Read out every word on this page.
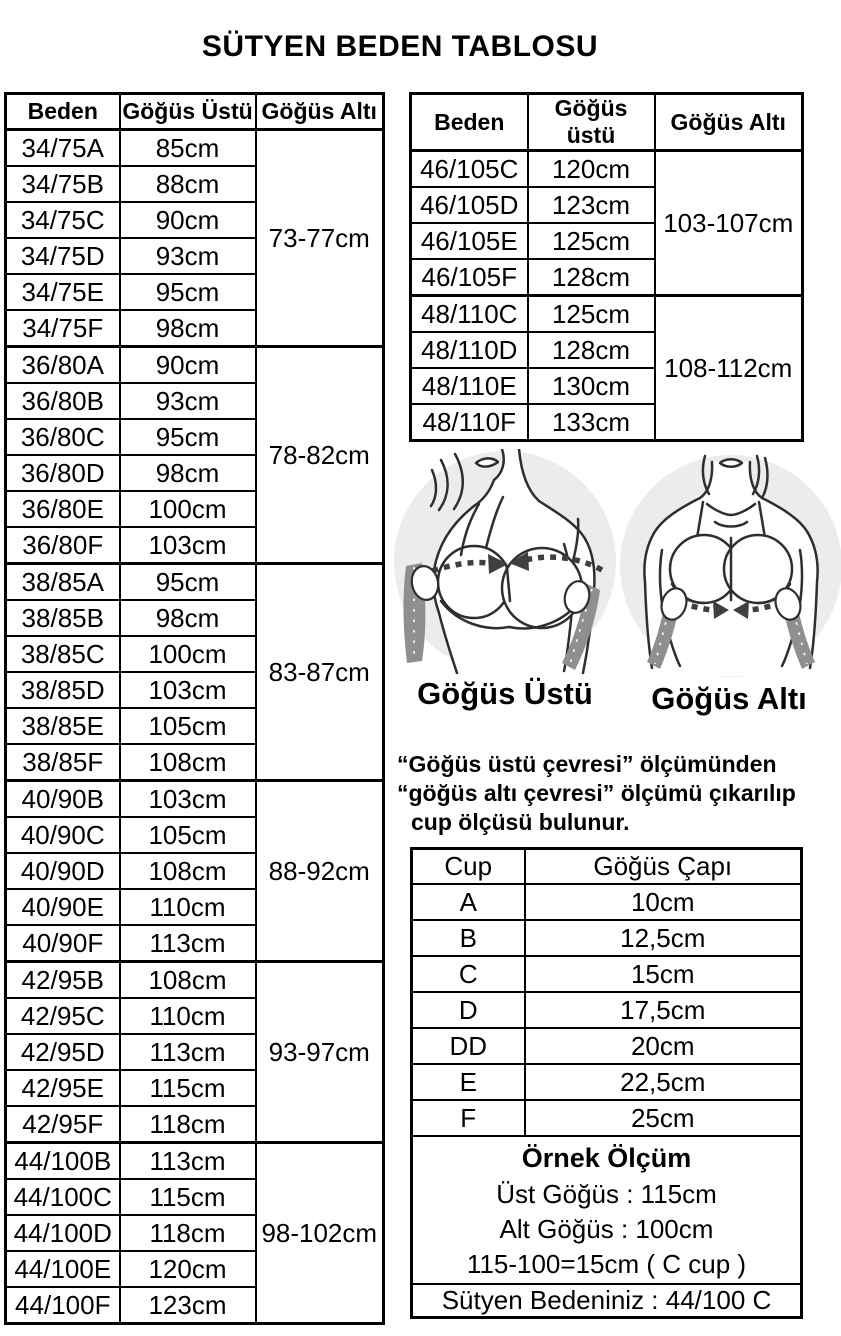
SÜTYEN BEDEN TABLOSU
Beden	Göğüs Üstü	Göğüs Altı
34/75A	85cm	73-77cm
34/75B	88cm	
34/75C	90cm	
34/75D	93cm	
34/75E	95cm	
34/75F	98cm	
36/80A	90cm	78-82cm
36/80B	93cm	
36/80C	95cm	
36/80D	98cm	
36/80E	100cm	
36/80F	103cm	
38/85A	95cm	83-87cm
38/85B	98cm	
38/85C	100cm	
38/85D	103cm	
38/85E	105cm	
38/85F	108cm	
40/90B	103cm	88-92cm
40/90C	105cm	
40/90D	108cm	
40/90E	110cm	
40/90F	113cm	
42/95B	108cm	93-97cm
42/95C	110cm	
42/95D	113cm	
42/95E	115cm	
42/95F	118cm	
44/100B	113cm	98-102cm
44/100C	115cm	
44/100D	118cm	
44/100E	120cm	
44/100F	123cm	
Beden	Göğüs üstü	Göğüs Altı
46/105C	120cm	103-107cm
46/105D	123cm	
46/105E	125cm	
46/105F	128cm	
48/110C	125cm	108-112cm
48/110D	128cm	
48/110E	130cm	
48/110F	133cm	
Göğüs Üstü	Göğüs Altı
“Göğüs üstü çevresi” ölçümünden
“göğüs altı çevresi” ölçümü çıkarılıp
cup ölçüsü bulunur.
Cup	Göğüs Çapı
A	10cm
B	12,5cm
C	15cm
D	17,5cm
DD	20cm
E	22,5cm
F	25cm

Örnek Ölçüm
Üst Göğüs : 115cm
Alt Göğüs : 100cm
115-100=15cm ( C cup )	

Sütyen Bedeniniz : 44/100 C	
